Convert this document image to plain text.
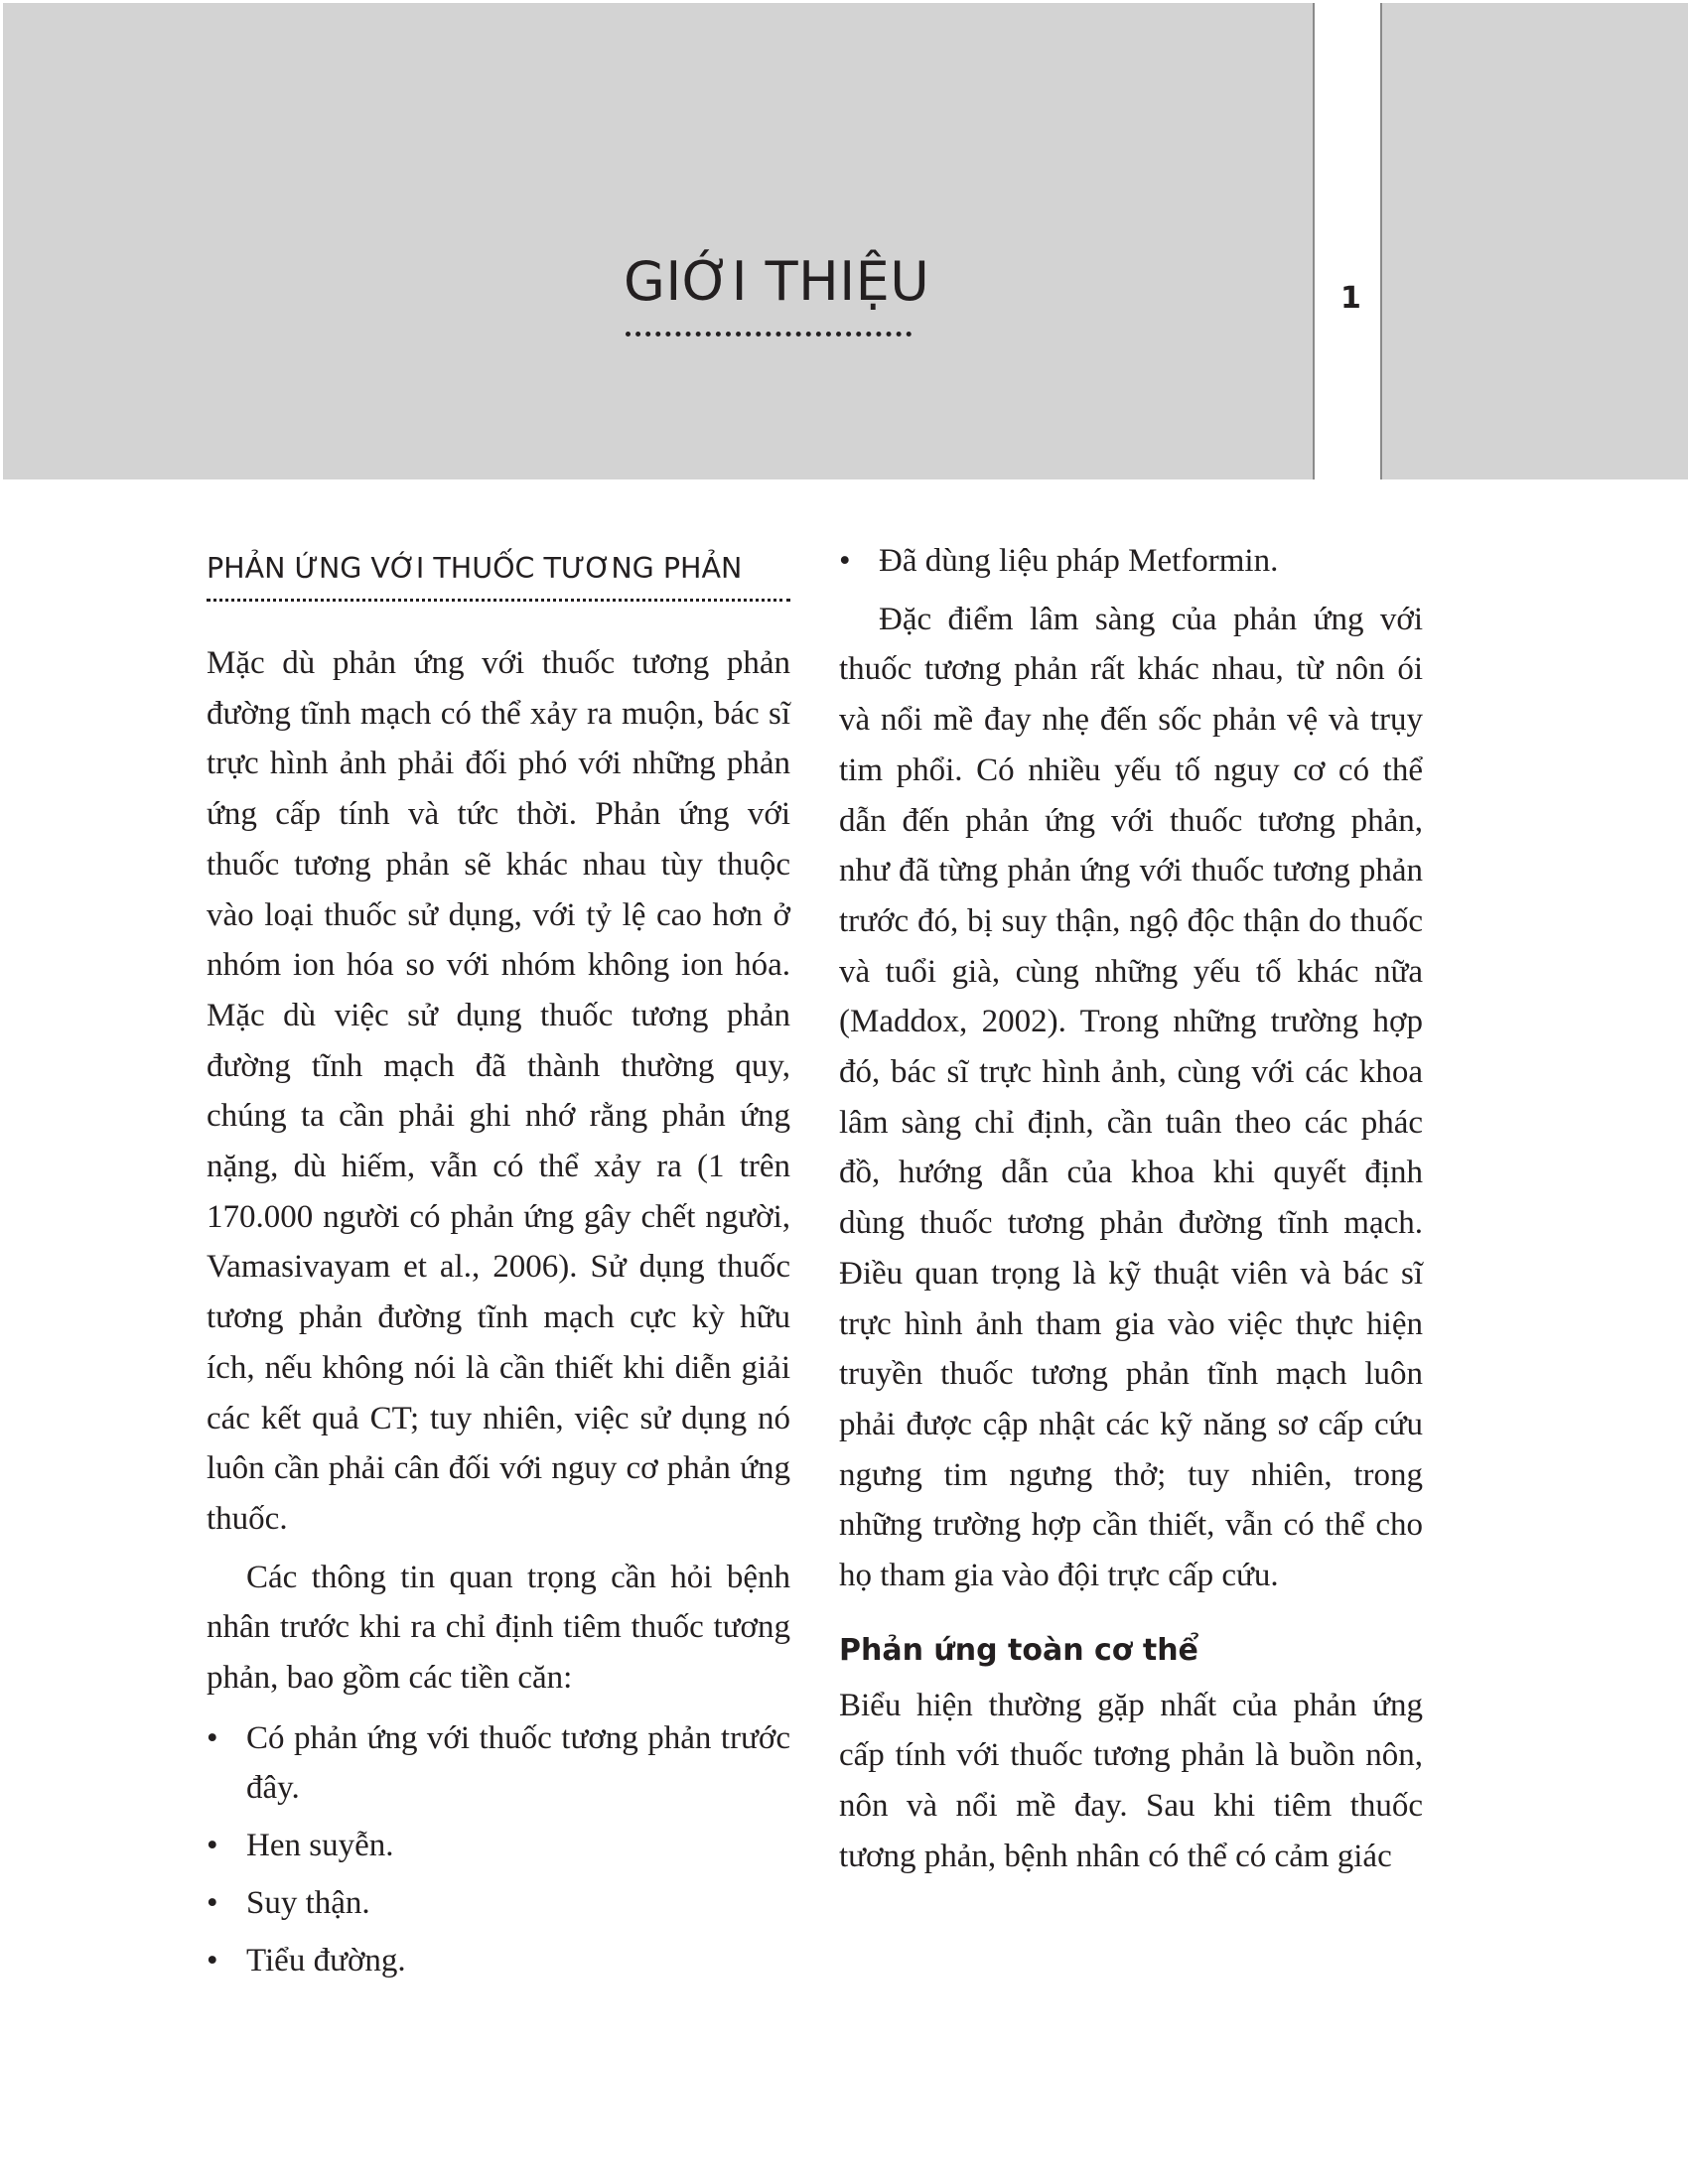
GIỚI THIỆU	1
PHẢN ỨNG VỚI THUỐC TƯƠNG PHẢN

Mặc dù phản ứng với thuốc tương phản đường tĩnh mạch có thể xảy ra muộn, bác sĩ trực hình ảnh phải đối phó với những phản ứng cấp tính và tức thời. Phản ứng với thuốc tương phản sẽ khác nhau tùy thuộc vào loại thuốc sử dụng, với tỷ lệ cao hơn ở nhóm ion hóa so với nhóm không ion hóa. Mặc dù việc sử dụng thuốc tương phản đường tĩnh mạch đã thành thường quy, chúng ta cần phải ghi nhớ rằng phản ứng nặng, dù hiếm, vẫn có thể xảy ra (1 trên 170.000 người có phản ứng gây chết người, Vamasivayam et al., 2006). Sử dụng thuốc tương phản đường tĩnh mạch cực kỳ hữu ích, nếu không nói là cần thiết khi diễn giải các kết quả CT; tuy nhiên, việc sử dụng nó luôn cần phải cân đối với nguy cơ phản ứng thuốc.

Các thông tin quan trọng cần hỏi bệnh nhân trước khi ra chỉ định tiêm thuốc tương phản, bao gồm các tiền căn:

• Có phản ứng với thuốc tương phản trước đây.
• Hen suyễn.
• Suy thận.
• Tiểu đường.
• Đã dùng liệu pháp Metformin.

Đặc điểm lâm sàng của phản ứng với thuốc tương phản rất khác nhau, từ nôn ói và nổi mề đay nhẹ đến sốc phản vệ và trụy tim phổi. Có nhiều yếu tố nguy cơ có thể dẫn đến phản ứng với thuốc tương phản, như đã từng phản ứng với thuốc tương phản trước đó, bị suy thận, ngộ độc thận do thuốc và tuổi già, cùng những yếu tố khác nữa (Maddox, 2002). Trong những trường hợp đó, bác sĩ trực hình ảnh, cùng với các khoa lâm sàng chỉ định, cần tuân theo các phác đồ, hướng dẫn của khoa khi quyết định dùng thuốc tương phản đường tĩnh mạch. Điều quan trọng là kỹ thuật viên và bác sĩ trực hình ảnh tham gia vào việc thực hiện truyền thuốc tương phản tĩnh mạch luôn phải được cập nhật các kỹ năng sơ cấp cứu ngưng tim ngưng thở; tuy nhiên, trong những trường hợp cần thiết, vẫn có thể cho họ tham gia vào đội trực cấp cứu.

Phản ứng toàn cơ thể

Biểu hiện thường gặp nhất của phản ứng cấp tính với thuốc tương phản là buồn nôn, nôn và nổi mề đay. Sau khi tiêm thuốc tương phản, bệnh nhân có thể có cảm giác
